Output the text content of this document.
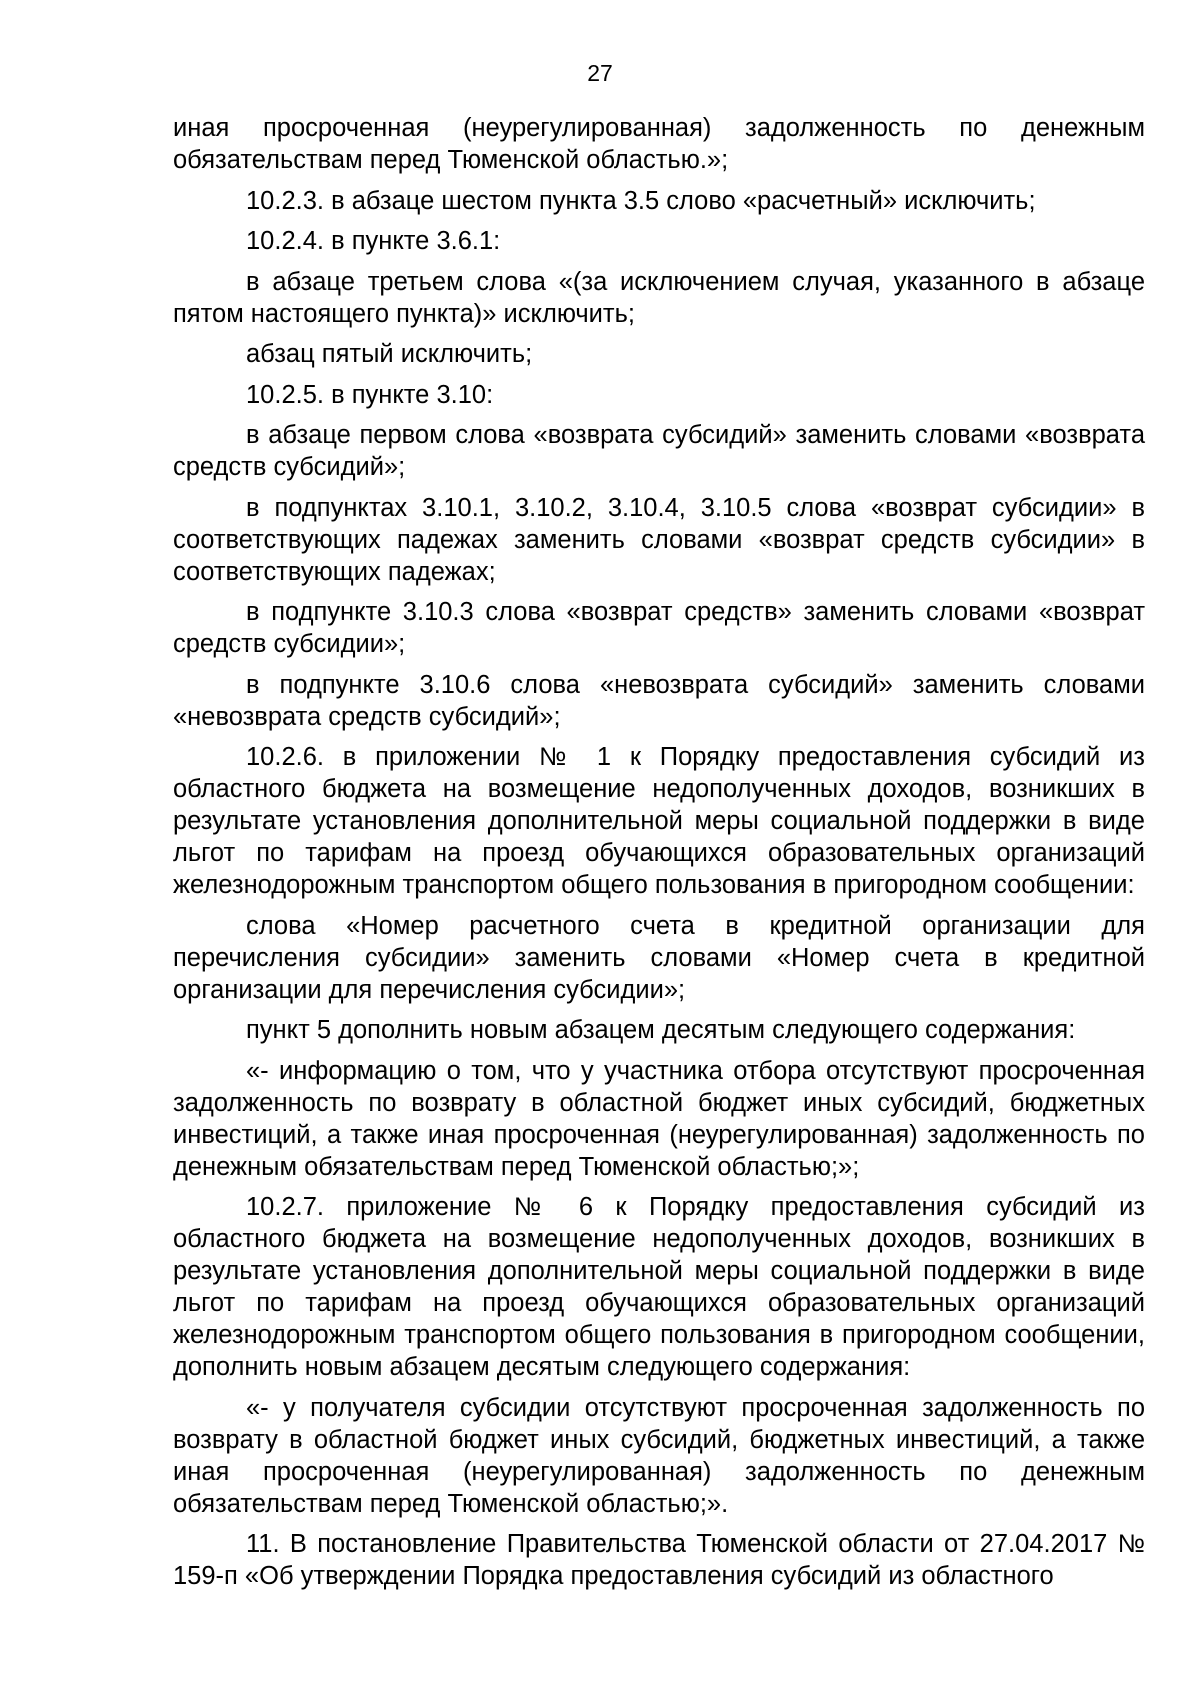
27

иная просроченная (неурегулированная) задолженность по денежным обязательствам перед Тюменской областью.»;

10.2.3. в абзаце шестом пункта 3.5 слово «расчетный» исключить;

10.2.4. в пункте 3.6.1:

в абзаце третьем слова «(за исключением случая, указанного в абзаце пятом настоящего пункта)» исключить;

абзац пятый исключить;

10.2.5. в пункте 3.10:

в абзаце первом слова «возврата субсидий» заменить словами «возврата средств субсидий»;

в подпунктах 3.10.1, 3.10.2, 3.10.4, 3.10.5 слова «возврат субсидии» в соответствующих падежах заменить словами «возврат средств субсидии» в соответствующих падежах;

в подпункте 3.10.3 слова «возврат средств» заменить словами «возврат средств субсидии»;

в подпункте 3.10.6 слова «невозврата субсидий» заменить словами «невозврата средств субсидий»;

10.2.6. в приложении № 1 к Порядку предоставления субсидий из областного бюджета на возмещение недополученных доходов, возникших в результате установления дополнительной меры социальной поддержки в виде льгот по тарифам на проезд обучающихся образовательных организаций железнодорожным транспортом общего пользования в пригородном сообщении:

слова «Номер расчетного счета в кредитной организации для перечисления субсидии» заменить словами «Номер счета в кредитной организации для перечисления субсидии»;

пункт 5 дополнить новым абзацем десятым следующего содержания:

«- информацию о том, что у участника отбора отсутствуют просроченная задолженность по возврату в областной бюджет иных субсидий, бюджетных инвестиций, а также иная просроченная (неурегулированная) задолженность по денежным обязательствам перед Тюменской областью;»;

10.2.7. приложение № 6 к Порядку предоставления субсидий из областного бюджета на возмещение недополученных доходов, возникших в результате установления дополнительной меры социальной поддержки в виде льгот по тарифам на проезд обучающихся образовательных организаций железнодорожным транспортом общего пользования в пригородном сообщении, дополнить новым абзацем десятым следующего содержания:

«- у получателя субсидии отсутствуют просроченная задолженность по возврату в областной бюджет иных субсидий, бюджетных инвестиций, а также иная просроченная (неурегулированная) задолженность по денежным обязательствам перед Тюменской областью;».

11. В постановление Правительства Тюменской области от 27.04.2017 № 159-п «Об утверждении Порядка предоставления субсидий из областного
